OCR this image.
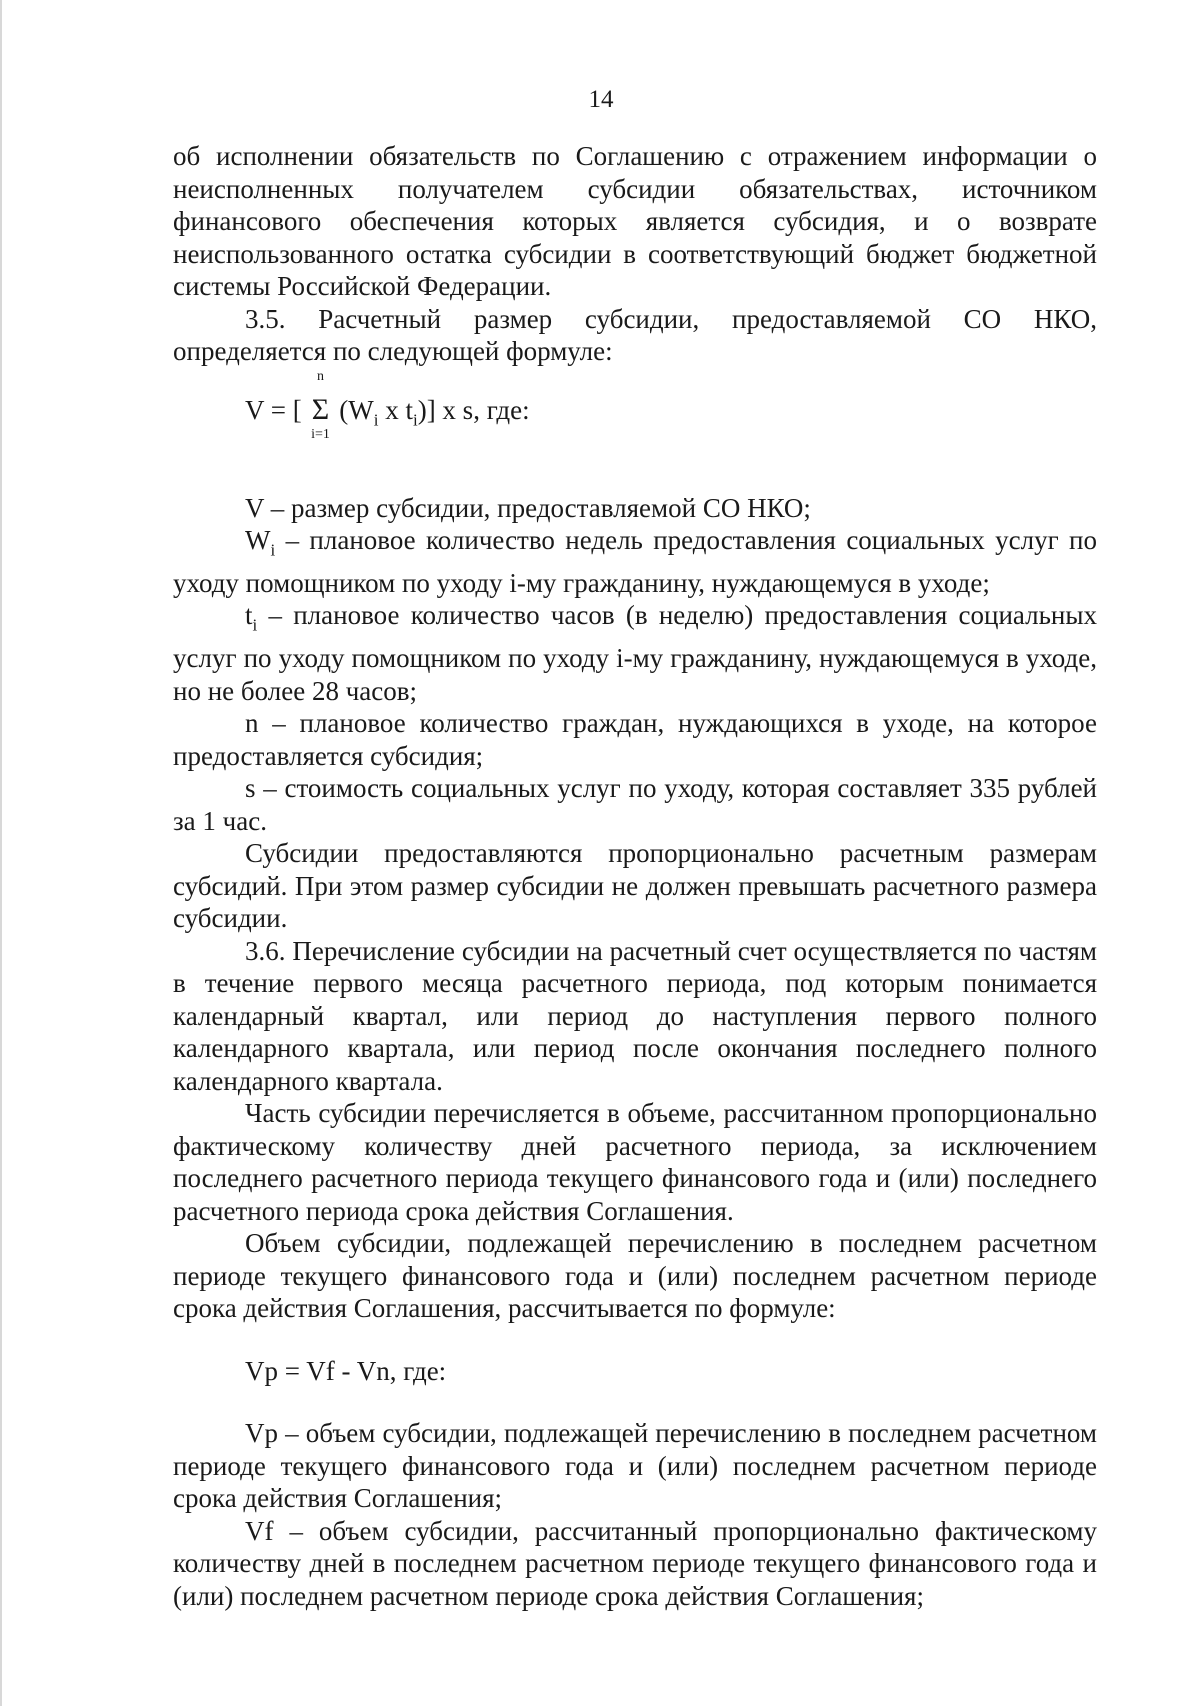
14

об исполнении обязательств по Соглашению с отражением информации о неисполненных получателем субсидии обязательствах, источником финансового обеспечения которых является субсидия, и о возврате неиспользованного остатка субсидии в соответствующий бюджет бюджетной системы Российской Федерации.

3.5. Расчетный размер субсидии, предоставляемой СО НКО, определяется по следующей формуле:

V = [
n
Σ
i=1
($W_i$ x $t_i$)] x s, где:

V – размер субсидии, предоставляемой СО НКО;

$W_i$ – плановое количество недель предоставления социальных услуг по уходу помощником по уходу i-му гражданину, нуждающемуся в уходе;

$t_i$ – плановое количество часов (в неделю) предоставления социальных услуг по уходу помощником по уходу i-му гражданину, нуждающемуся в уходе, но не более 28 часов;

n – плановое количество граждан, нуждающихся в уходе, на которое предоставляется субсидия;

s – стоимость социальных услуг по уходу, которая составляет 335 рублей за 1 час.

Субсидии предоставляются пропорционально расчетным размерам субсидий. При этом размер субсидии не должен превышать расчетного размера субсидии.

3.6. Перечисление субсидии на расчетный счет осуществляется по частям в течение первого месяца расчетного периода, под которым понимается календарный квартал, или период до наступления первого полного календарного квартала, или период после окончания последнего полного календарного квартала.

Часть субсидии перечисляется в объеме, рассчитанном пропорционально фактическому количеству дней расчетного периода, за исключением последнего расчетного периода текущего финансового года и (или) последнего расчетного периода срока действия Соглашения.

Объем субсидии, подлежащей перечислению в последнем расчетном периоде текущего финансового года и (или) последнем расчетном периоде срока действия Соглашения, рассчитывается по формуле:

Vp = Vf - Vn, где:

Vp – объем субсидии, подлежащей перечислению в последнем расчетном периоде текущего финансового года и (или) последнем расчетном периоде срока действия Соглашения;

Vf – объем субсидии, рассчитанный пропорционально фактическому количеству дней в последнем расчетном периоде текущего финансового года и (или) последнем расчетном периоде срока действия Соглашения;
